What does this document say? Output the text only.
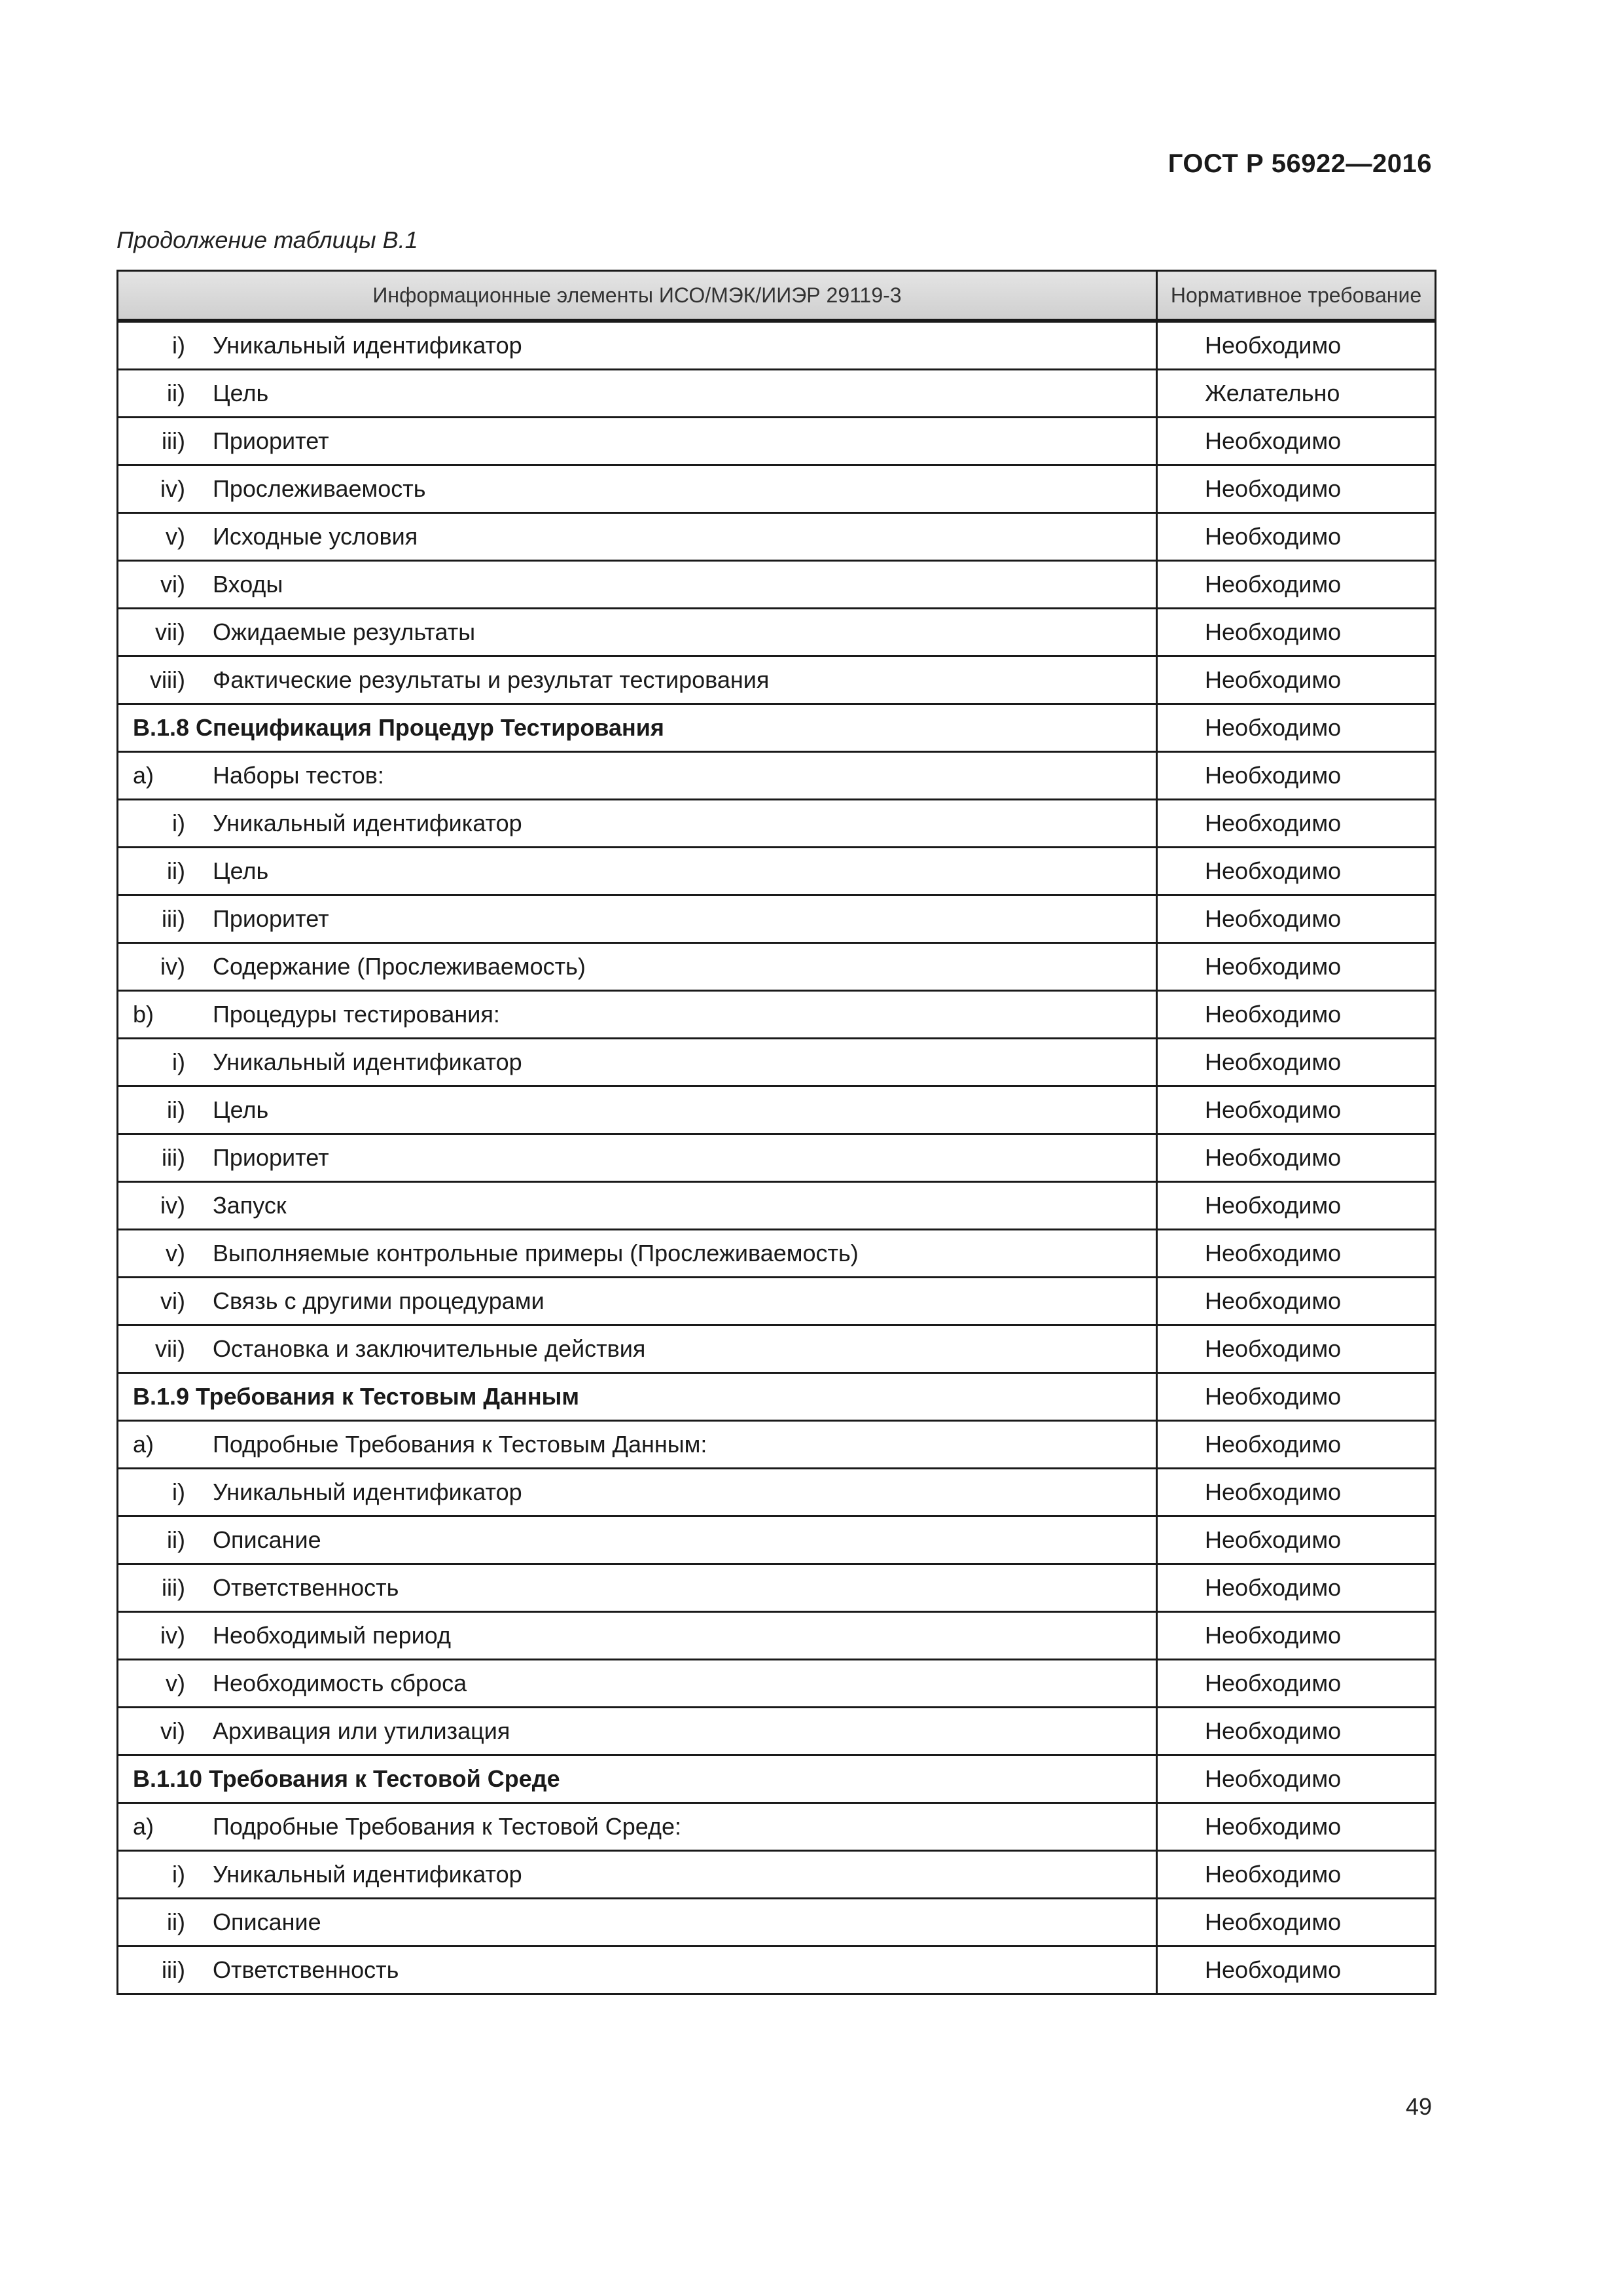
ГОСТ Р 56922—2016
Продолжение таблицы В.1
Информационные элементы ИСО/МЭК/ИИЭР 29119-3	Нормативное требование

i) Уникальный идентификатор	Необходимо

ii) Цель	Желательно

iii) Приоритет	Необходимо

iv) Прослеживаемость	Необходимо

v) Исходные условия	Необходимо

vi) Входы	Необходимо

vii) Ожидаемые результаты	Необходимо

viii) Фактические результаты и результат тестирования	Необходимо

В.1.8 Спецификация Процедур Тестирования	Необходимо

a) Наборы тестов:	Необходимо

i) Уникальный идентификатор	Необходимо

ii) Цель	Необходимо

iii) Приоритет	Необходимо

iv) Содержание (Прослеживаемость)	Необходимо

b) Процедуры тестирования:	Необходимо

i) Уникальный идентификатор	Необходимо

ii) Цель	Необходимо

iii) Приоритет	Необходимо

iv) Запуск	Необходимо

v) Выполняемые контрольные примеры (Прослеживаемость)	Необходимо

vi) Связь с другими процедурами	Необходимо

vii) Остановка и заключительные действия	Необходимо

В.1.9 Требования к Тестовым Данным	Необходимо

a) Подробные Требования к Тестовым Данным:	Необходимо

i) Уникальный идентификатор	Необходимо

ii) Описание	Необходимо

iii) Ответственность	Необходимо

iv) Необходимый период	Необходимо

v) Необходимость сброса	Необходимо

vi) Архивация или утилизация	Необходимо

В.1.10 Требования к Тестовой Среде	Необходимо

a) Подробные Требования к Тестовой Среде:	Необходимо

i) Уникальный идентификатор	Необходимо

ii) Описание	Необходимо

iii) Ответственность	Необходимо
49
